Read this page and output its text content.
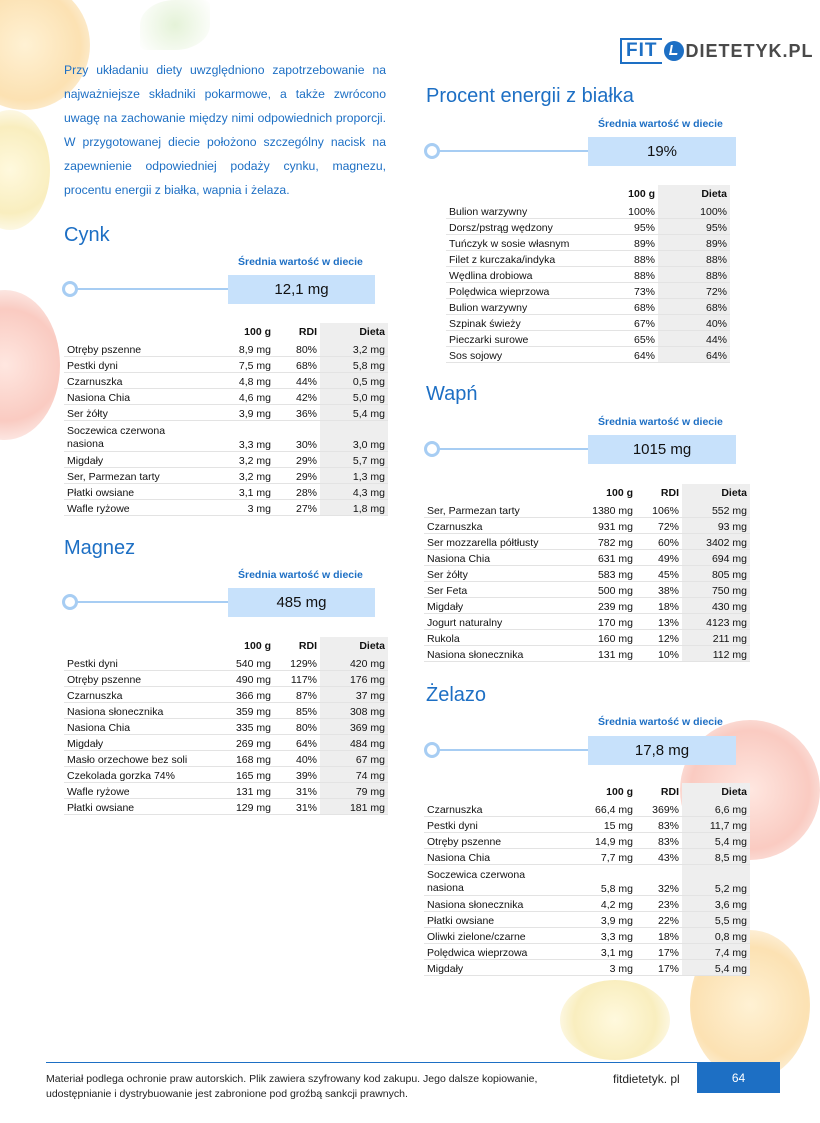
FIT DIETETYK.PL

Przy układaniu diety uwzględniono zapotrzebowanie na najważniejsze składniki pokarmowe, a także zwrócono uwagę na zachowanie między nimi odpowiednich proporcji. W przygotowanej diecie położono szczególny nacisk na zapewnienie odpowiedniej podaży cynku, magnezu, procentu energii z białka, wapnia i żelaza.

Cynk
Średnia wartość w diecie
12,1 mg
	100 g	RDI	Dieta
Otręby pszenne	8,9 mg	80%	3,2 mg
Pestki dyni	7,5 mg	68%	5,8 mg
Czarnuszka	4,8 mg	44%	0,5 mg
Nasiona Chia	4,6 mg	42%	5,0 mg
Ser żółty	3,9 mg	36%	5,4 mg
Soczewica czerwona nasiona	3,3 mg	30%	3,0 mg
Migdały	3,2 mg	29%	5,7 mg
Ser, Parmezan tarty	3,2 mg	29%	1,3 mg
Płatki owsiane	3,1 mg	28%	4,3 mg
Wafle ryżowe	3 mg	27%	1,8 mg
Magnez
Średnia wartość w diecie
485 mg
	100 g	RDI	Dieta
Pestki dyni	540 mg	129%	420 mg
Otręby pszenne	490 mg	117%	176 mg
Czarnuszka	366 mg	87%	37 mg
Nasiona słonecznika	359 mg	85%	308 mg
Nasiona Chia	335 mg	80%	369 mg
Migdały	269 mg	64%	484 mg
Masło orzechowe bez soli	168 mg	40%	67 mg
Czekolada gorzka 74%	165 mg	39%	74 mg
Wafle ryżowe	131 mg	31%	79 mg
Płatki owsiane	129 mg	31%	181 mg
Procent energii z białka
Średnia wartość w diecie
19%
	100 g	Dieta
Bulion warzywny	100%	100%
Dorsz/pstrąg wędzony	95%	95%
Tuńczyk w sosie własnym	89%	89%
Filet z kurczaka/indyka	88%	88%
Wędlina drobiowa	88%	88%
Polędwica wieprzowa	73%	72%
Bulion warzywny	68%	68%
Szpinak świeży	67%	40%
Pieczarki surowe	65%	44%
Sos sojowy	64%	64%
Wapń
Średnia wartość w diecie
1015 mg
	100 g	RDI	Dieta
Ser, Parmezan tarty	1380 mg	106%	552 mg
Czarnuszka	931 mg	72%	93 mg
Ser mozzarella półtłusty	782 mg	60%	3402 mg
Nasiona Chia	631 mg	49%	694 mg
Ser żółty	583 mg	45%	805 mg
Ser Feta	500 mg	38%	750 mg
Migdały	239 mg	18%	430 mg
Jogurt naturalny	170 mg	13%	4123 mg
Rukola	160 mg	12%	211 mg
Nasiona słonecznika	131 mg	10%	112 mg
Żelazo
Średnia wartość w diecie
17,8 mg
	100 g	RDI	Dieta
Czarnuszka	66,4 mg	369%	6,6 mg
Pestki dyni	15 mg	83%	11,7 mg
Otręby pszenne	14,9 mg	83%	5,4 mg
Nasiona Chia	7,7 mg	43%	8,5 mg
Soczewica czerwona nasiona	5,8 mg	32%	5,2 mg
Nasiona słonecznika	4,2 mg	23%	3,6 mg
Płatki owsiane	3,9 mg	22%	5,5 mg
Oliwki zielone/czarne	3,3 mg	18%	0,8 mg
Polędwica wieprzowa	3,1 mg	17%	7,4 mg
Migdały	3 mg	17%	5,4 mg
Materiał podlega ochronie praw autorskich. Plik zawiera szyfrowany kod zakupu. Jego dalsze kopiowanie, udostępnianie i dystrybuowanie jest zabronione pod groźbą sankcji prawnych.
fitdietetyk. pl	64
